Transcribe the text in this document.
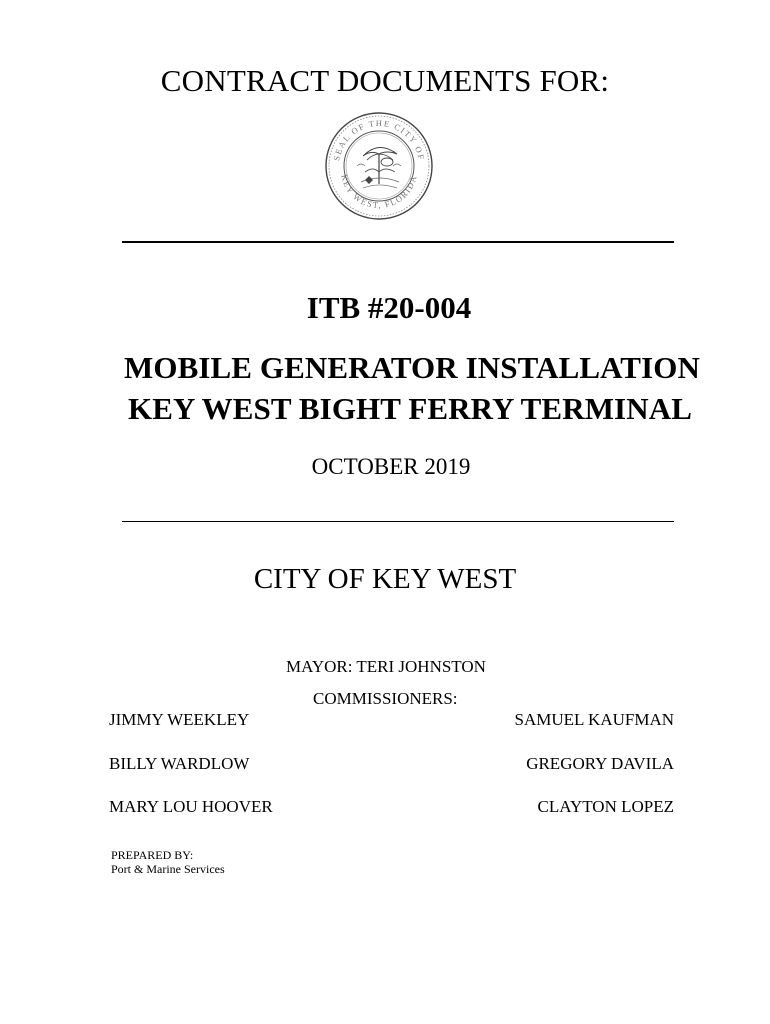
CONTRACT DOCUMENTS FOR:
SEAL OF THE CITY OF
KEY WEST, FLORIDA
ITB #20-004
MOBILE GENERATOR INSTALLATION
KEY WEST BIGHT FERRY TERMINAL
OCTOBER 2019
CITY OF KEY WEST
MAYOR: TERI JOHNSTON
COMMISSIONERS:
JIMMY WEEKLEY
BILLY WARDLOW
MARY LOU HOOVER
SAMUEL KAUFMAN
GREGORY DAVILA
CLAYTON LOPEZ
PREPARED BY:
Port & Marine Services
